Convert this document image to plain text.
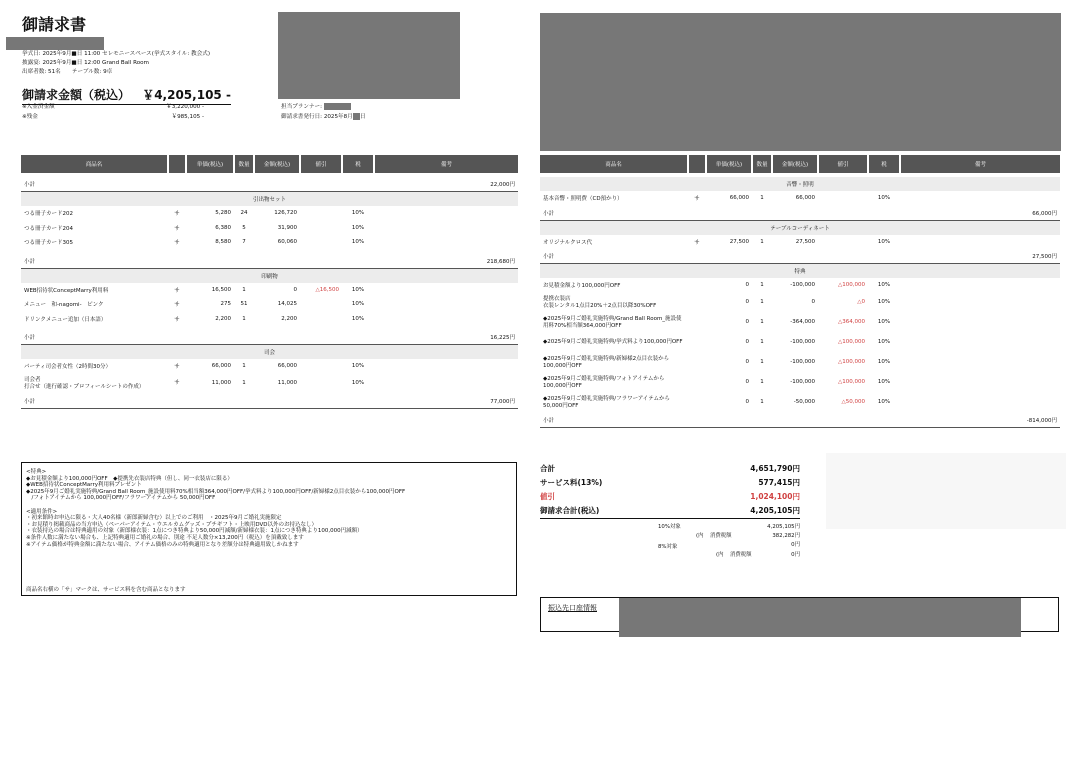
御請求書
挙式日: 2025年9月■日 11:00 セレモニースペース(挙式スタイル: 教会式)
披露宴: 2025年9月■日 12:00 Grand Ball Room
出席者数: 51名　　テーブル数: 9卓
御請求金額（税込） ￥4,205,105 -
※入金済金額	￥3,220,000 -
※残金	￥985,105 -
担当プランナー:
御請求書発行日: 2025年8月 日
商品名		単価(税込)	数量	金額(税込)	値引	税	備考

小計	22,000円						
引出物セット							
つる冊子カード202	サ	5,280	24	126,720		10%	
つる冊子カード204	サ	6,380	5	31,900		10%	
つる冊子カード305	サ	8,580	7	60,060		10%	

小計	218,680円						
印刷物							
WEB招待状ConceptMarry利用料	サ	16,500	1	0	△16,500	10%	
メニュー　和-nagomi-　ピンク	サ	275	51	14,025		10%	
ドリンクメニュー追加（日本語）	サ	2,200	1	2,200		10%	

小計	16,225円						
司会							
パーティ司会者女性（2時間30分）	サ	66,000	1	66,000		10%	
司会者
打合せ（進行確認・プロフィールシートの作成）	サ	11,000	1	11,000		10%	
小計	77,000円						
商品名		単価(税込)	数量	金額(税込)	値引	税	備考

音響・照明							
基本音響・照明費（CD預かり）	サ	66,000	1	66,000		10%	
小計	66,000円						
テーブルコーディネート							
オリジナルクロス代	サ	27,500	1	27,500		10%	
小計	27,500円						
特典							
お見積金額より100,000円OFF		0	1	-100,000	△100,000	10%	
提携衣装店
衣装レンタル1点目20%＋2点目以降30%OFF		0	1	0	△0	10%	
◆2025年9月ご婚礼実施特典/Grand Ball Room_施設使用料70%相当額364,000円OFF		0	1	-364,000	△364,000	10%	
◆2025年9月ご婚礼実施特典/挙式料より100,000円OFF		0	1	-100,000	△100,000	10%	
◆2025年9月ご婚礼実施特典/新婦様2点目衣装から100,000円OFF		0	1	-100,000	△100,000	10%	
◆2025年9月ご婚礼実施特典/フォトアイテムから100,000円OFF		0	1	-100,000	△100,000	10%	
◆2025年9月ご婚礼実施特典/フラワーアイテムから 50,000円OFF		0	1	-50,000	△50,000	10%	
小計	-814,000円						
<特典>
◆お見積金額より100,000円OFF　◆提携先衣装店特典（但し、同一衣装店に限る）
◆WEB招待状ConceptMarry利用料プレゼント
◆2025年9月ご婚礼実施特典/Grand Ball Room_施設使用料70%相当額364,000円OFF/挙式料より100,000円OFF/新婦様2点目衣装から100,000円OFF
　/フォトアイテムから 100,000円OFF/フラワーアイテムから 50,000円OFF

<適用条件>
・初来館時お申込に限る・大人40名様（新郎新婦含む）以上でのご利用　・2025年9月ご婚礼実施限定
・お見積り掲載商品の当方申込（ペーパーアイテム・ウエルカムグッズ・プチギフト・上映用DVD以外のお持込なし）
・衣装持込の場合は特典適用の対象（新郎様衣装：1点につき特典より50,000円減額/新婦様衣装：1点につき特典より100,000円減額）
※条件人数に満たない場合も、上記特典適用ご婚礼の場合、別途 不足人数分×13,200円（税込）を頂戴致します
※アイテム価格が特典金額に満たない場合、アイテム価格のみの特典適用となり差額分は特典適用致しかねます
商品名右横の「サ」マークは、サービス料を含む商品となります
合計	4,651,790円
サービス料(13%)	577,415円
値引	1,024,100円
御請求合計(税込)	4,205,105円
10%対象	4,205,105円
(内 消費税額	382,282円
0円
8%対象
(内 消費税額	0円
振込先口座情報
